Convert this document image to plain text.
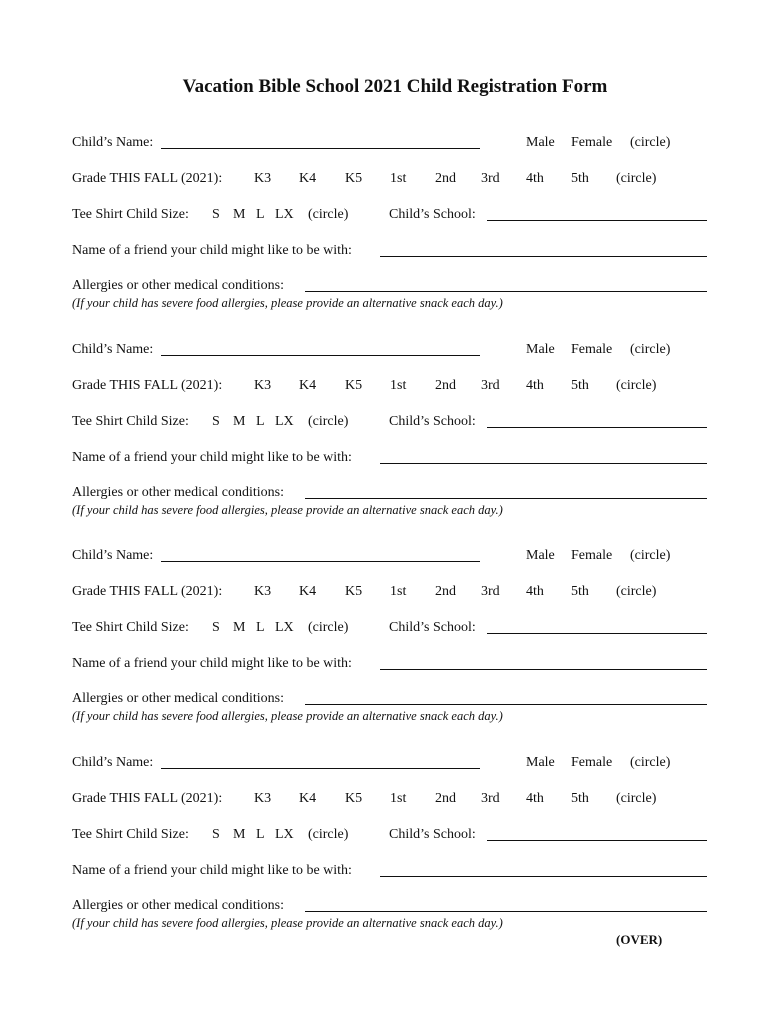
Vacation Bible School 2021 Child Registration Form
Child’s Name:	Male Female (circle)
Grade THIS FALL (2021): K3 K4 K5 1st 2nd 3rd 4th 5th (circle)
Tee Shirt Child Size: S M L LX (circle)	Child’s School:
Name of a friend your child might like to be with:
Allergies or other medical conditions:
(If your child has severe food allergies, please provide an alternative snack each day.)
Child’s Name:	Male Female (circle)
Grade THIS FALL (2021): K3 K4 K5 1st 2nd 3rd 4th 5th (circle)
Tee Shirt Child Size: S M L LX (circle)	Child’s School:
Name of a friend your child might like to be with:
Allergies or other medical conditions:
(If your child has severe food allergies, please provide an alternative snack each day.)
Child’s Name:	Male Female (circle)
Grade THIS FALL (2021): K3 K4 K5 1st 2nd 3rd 4th 5th (circle)
Tee Shirt Child Size: S M L LX (circle)	Child’s School:
Name of a friend your child might like to be with:
Allergies or other medical conditions:
(If your child has severe food allergies, please provide an alternative snack each day.)
Child’s Name:	Male Female (circle)
Grade THIS FALL (2021): K3 K4 K5 1st 2nd 3rd 4th 5th (circle)
Tee Shirt Child Size: S M L LX (circle)	Child’s School:
Name of a friend your child might like to be with:
Allergies or other medical conditions:
(If your child has severe food allergies, please provide an alternative snack each day.)
(OVER)
